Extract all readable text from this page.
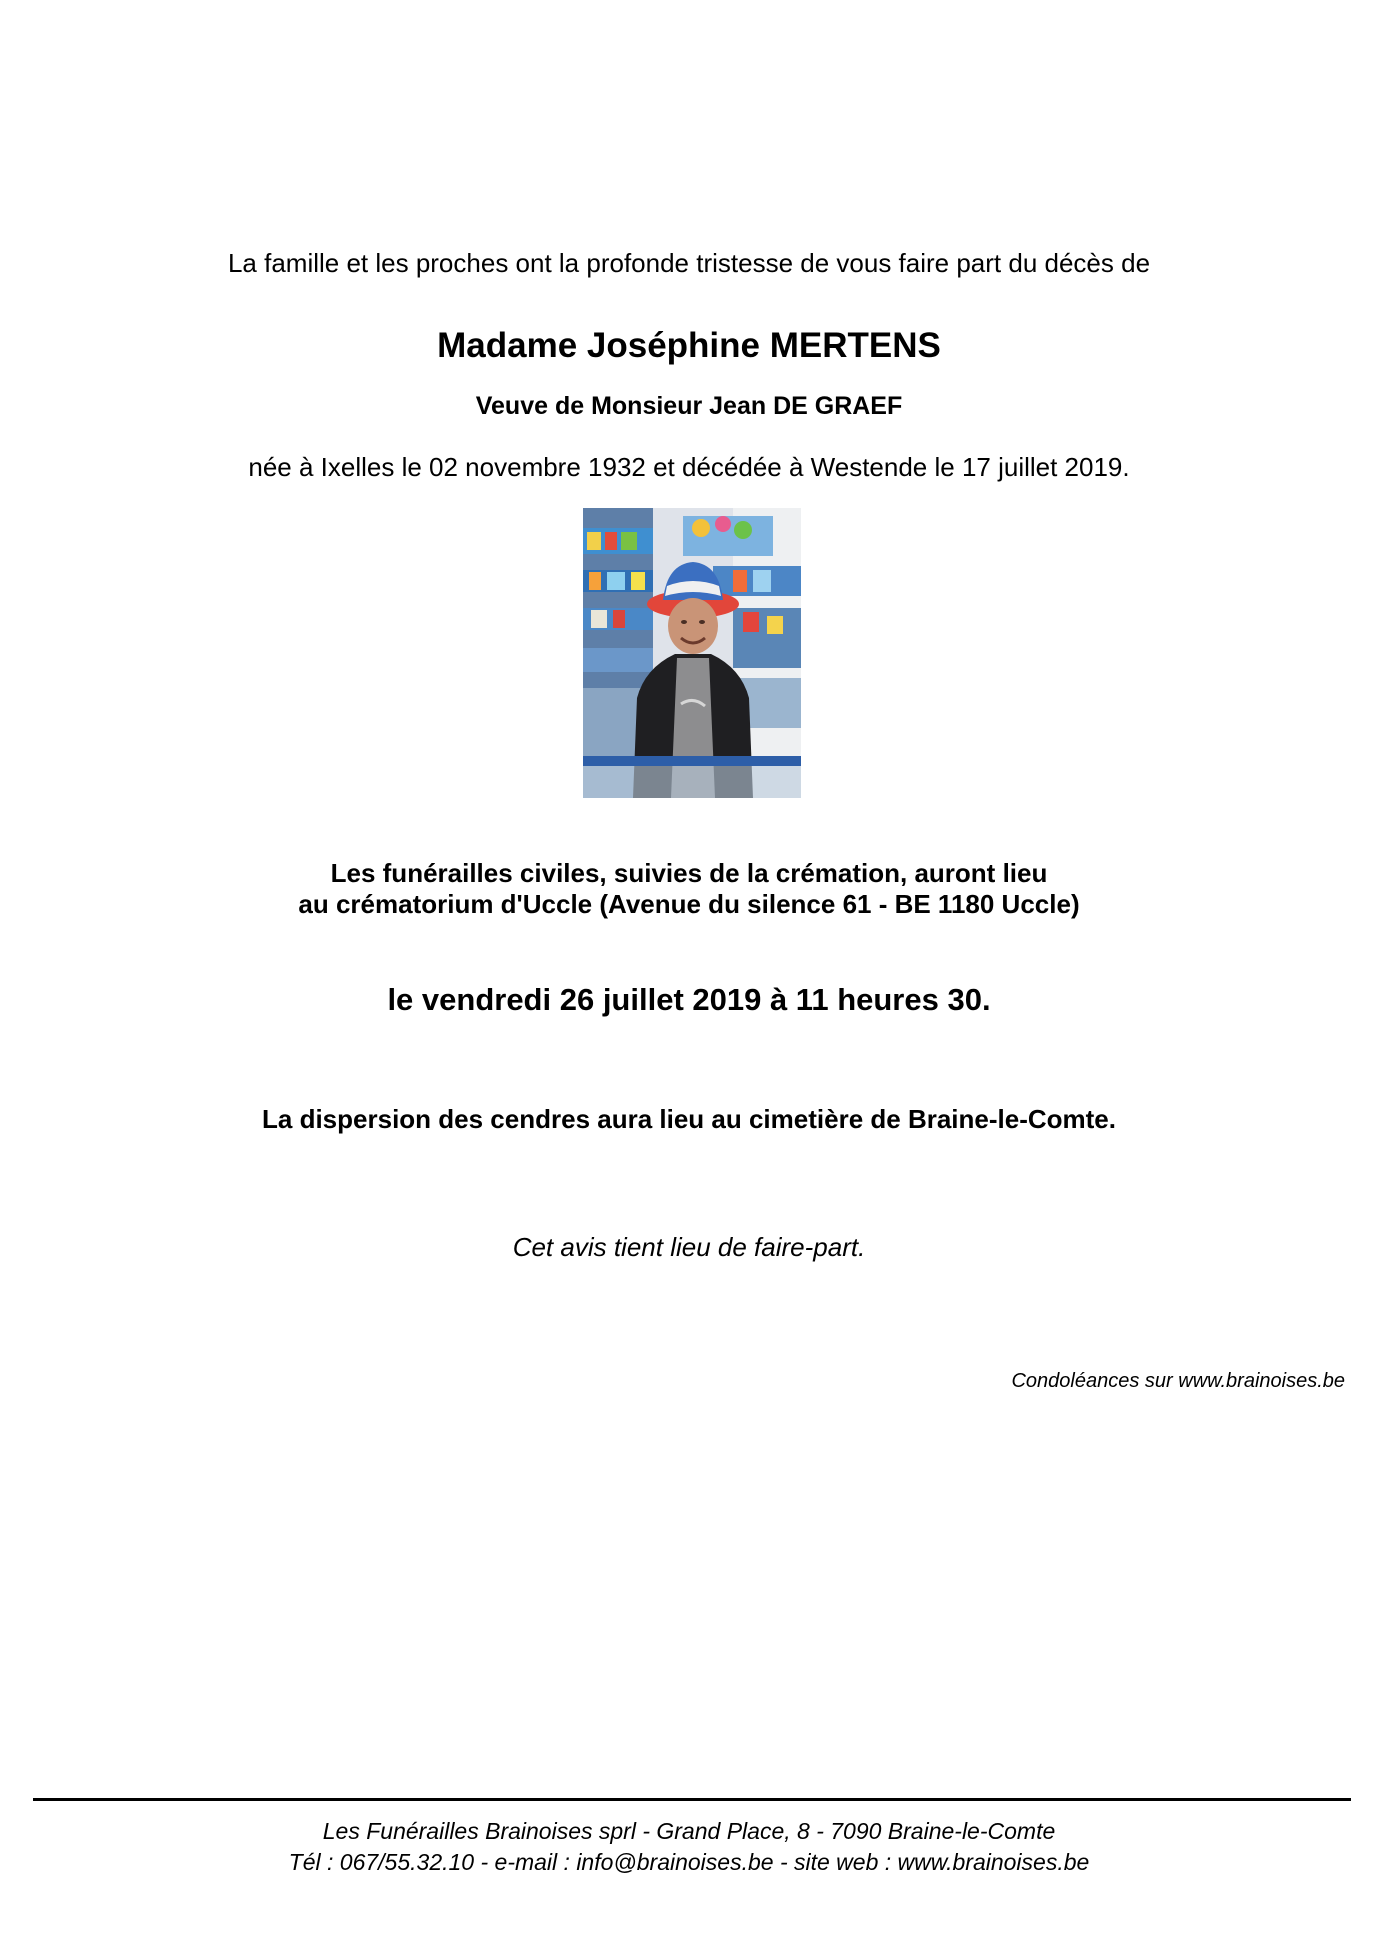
La famille et les proches ont la profonde tristesse de vous faire part du décès de
Madame Joséphine MERTENS
Veuve de Monsieur Jean DE GRAEF
née à Ixelles le 02 novembre 1932 et décédée à Westende le 17 juillet 2019.
Les funérailles civiles, suivies de la crémation, auront lieu
au crématorium d'Uccle (Avenue du silence 61 - BE 1180 Uccle)
le vendredi 26 juillet 2019 à 11 heures 30.
La dispersion des cendres aura lieu au cimetière de Braine-le-Comte.
Cet avis tient lieu de faire-part.
Condoléances sur www.brainoises.be
Les Funérailles Brainoises sprl - Grand Place, 8 - 7090 Braine-le-Comte
Tél : 067/55.32.10 - e-mail : info@brainoises.be - site web : www.brainoises.be
